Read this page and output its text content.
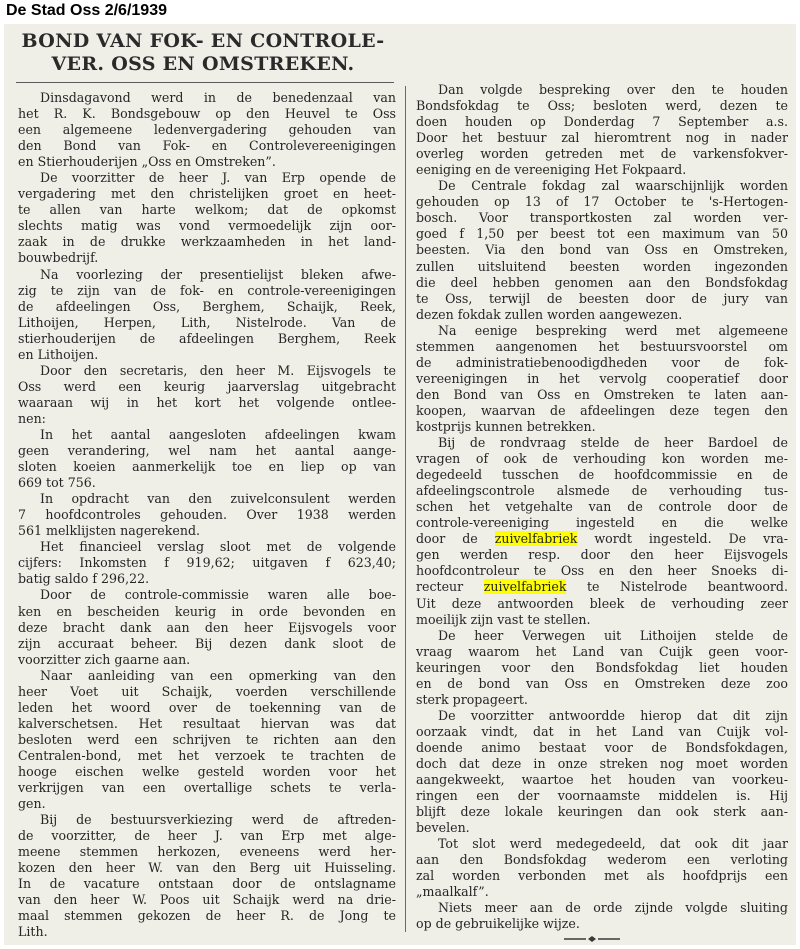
De Stad Oss 2/6/1939
BOND VAN FOK- EN CONTROLE-
VER. OSS EN OMSTREKEN.
Dinsdagavond werd in de benedenzaal van
het R. K. Bondsgebouw op den Heuvel te Oss
een algemeene ledenvergadering gehouden van
den Bond van Fok- en Controlevereenigingen
en Stierhouderijen „Oss en Omstreken”.
De voorzitter de heer J. van Erp opende de
vergadering met den christelijken groet en heet-
te allen van harte welkom; dat de opkomst
slechts matig was vond vermoedelijk zijn oor-
zaak in de drukke werkzaamheden in het land-
bouwbedrijf.
Na voorlezing der presentielijst bleken afwe-
zig te zijn van de fok- en controle-vereenigingen
de afdeelingen Oss, Berghem, Schaijk, Reek,
Lithoijen, Herpen, Lith, Nistelrode. Van de
stierhouderijen de afdeelingen Berghem, Reek
en Lithoijen.
Door den secretaris, den heer M. Eijsvogels te
Oss werd een keurig jaarverslag uitgebracht
waaraan wij in het kort het volgende ontlee-
nen:
In het aantal aangesloten afdeelingen kwam
geen verandering, wel nam het aantal aange-
sloten koeien aanmerkelijk toe en liep op van
669 tot 756.
In opdracht van den zuivelconsulent werden
7 hoofdcontroles gehouden. Over 1938 werden
561 melklijsten nagerekend.
Het financieel verslag sloot met de volgende
cijfers: Inkomsten f 919,62; uitgaven f 623,40;
batig saldo f 296,22.
Door de controle-commissie waren alle boe-
ken en bescheiden keurig in orde bevonden en
deze bracht dank aan den heer Eijsvogels voor
zijn accuraat beheer. Bij dezen dank sloot de
voorzitter zich gaarne aan.
Naar aanleiding van een opmerking van den
heer Voet uit Schaijk, voerden verschillende
leden het woord over de toekenning van de
kalverschetsen. Het resultaat hiervan was dat
besloten werd een schrijven te richten aan den
Centralen-bond, met het verzoek te trachten de
hooge eischen welke gesteld worden voor het
verkrijgen van een overtallige schets te verla-
gen.
Bij de bestuursverkiezing werd de aftreden-
de voorzitter, de heer J. van Erp met alge-
meene stemmen herkozen, eveneens werd her-
kozen den heer W. van den Berg uit Huisseling.
In de vacature ontstaan door de ontslagname
van den heer W. Poos uit Schaijk werd na drie-
maal stemmen gekozen de heer R. de Jong te
Lith.
Dan volgde bespreking over den te houden
Bondsfokdag te Oss; besloten werd, dezen te
doen houden op Donderdag 7 September a.s.
Door het bestuur zal hieromtrent nog in nader
overleg worden getreden met de varkensfokver-
eeniging en de vereeniging Het Fokpaard.
De Centrale fokdag zal waarschijnlijk worden
gehouden op 13 of 17 October te 's-Hertogen-
bosch. Voor transportkosten zal worden ver-
goed f 1,50 per beest tot een maximum van 50
beesten. Via den bond van Oss en Omstreken,
zullen uitsluitend beesten worden ingezonden
die deel hebben genomen aan den Bondsfokdag
te Oss, terwijl de beesten door de jury van
dezen fokdak zullen worden aangewezen.
Na eenige bespreking werd met algemeene
stemmen aangenomen het bestuursvoorstel om
de administratiebenoodigdheden voor de fok-
vereenigingen in het vervolg cooperatief door
den Bond van Oss en Omstreken te laten aan-
koopen, waarvan de afdeelingen deze tegen den
kostprijs kunnen betrekken.
Bij de rondvraag stelde de heer Bardoel de
vragen of ook de verhouding kon worden me-
degedeeld tusschen de hoofdcommissie en de
afdeelingscontrole alsmede de verhouding tus-
schen het vetgehalte van de controle door de
controle-vereeniging ingesteld en die welke
door de zuivelfabriek wordt ingesteld. De vra-
gen werden resp. door den heer Eijsvogels
hoofdcontroleur te Oss en den heer Snoeks di-
recteur zuivelfabriek te Nistelrode beantwoord.
Uit deze antwoorden bleek de verhouding zeer
moeilijk zijn vast te stellen.
De heer Verwegen uit Lithoijen stelde de
vraag waarom het Land van Cuijk geen voor-
keuringen voor den Bondsfokdag liet houden
en de bond van Oss en Omstreken deze zoo
sterk propageert.
De voorzitter antwoordde hierop dat dit zijn
oorzaak vindt, dat in het Land van Cuijk vol-
doende animo bestaat voor de Bondsfokdagen,
doch dat deze in onze streken nog moet worden
aangekweekt, waartoe het houden van voorkeu-
ringen een der voornaamste middelen is. Hij
blijft deze lokale keuringen dan ook sterk aan-
bevelen.
Tot slot werd medegedeeld, dat ook dit jaar
aan den Bondsfokdag wederom een verloting
zal worden verbonden met als hoofdprijs een
„maalkalf”.
Niets meer aan de orde zijnde volgde sluiting
op de gebruikelijke wijze.
